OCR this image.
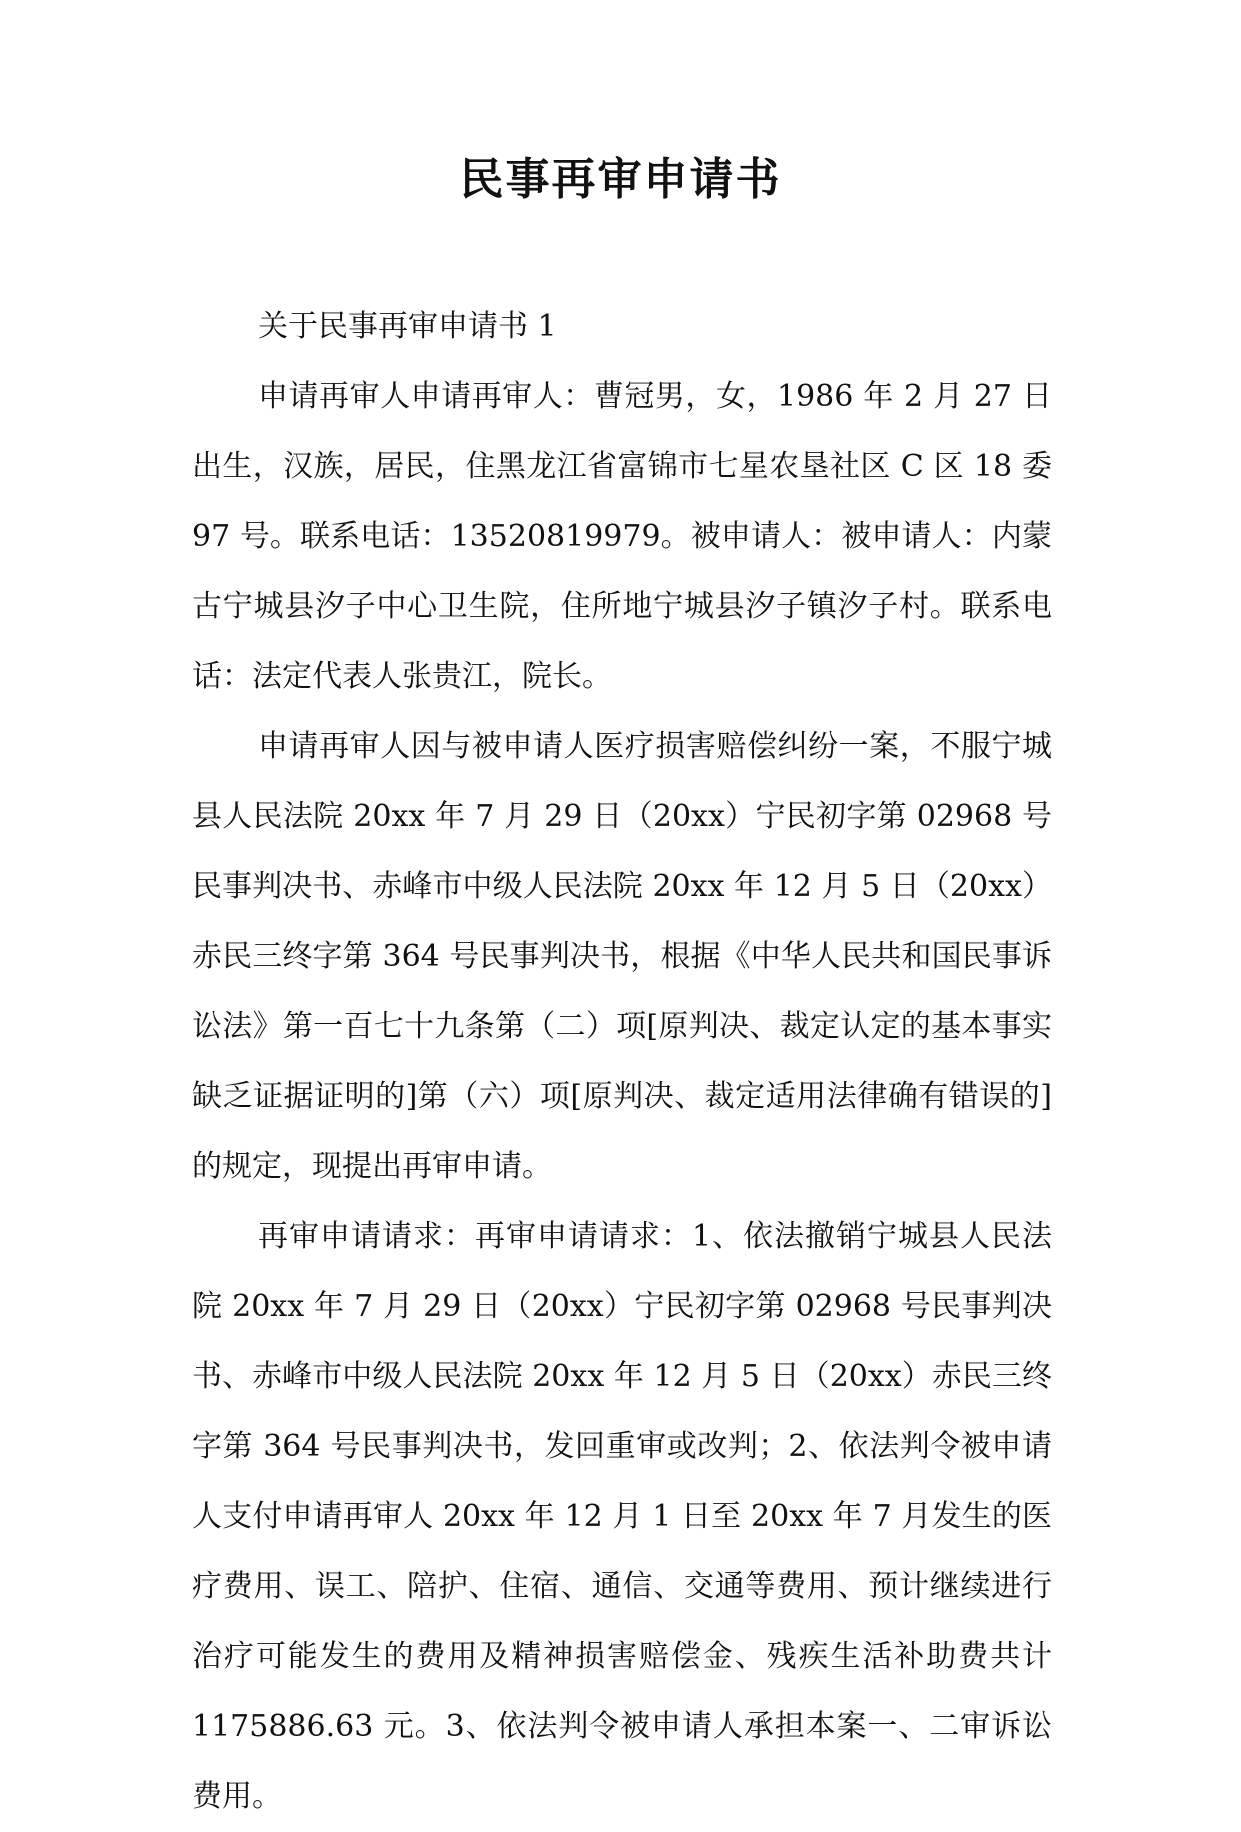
民事再审申请书

关于民事再审申请书 1

申请再审人申请再审人：曹冠男，女，1986 年 2 月 27 日出生，汉族，居民，住黑龙江省富锦市七星农垦社区 C 区 18 委 97 号。联系电话：13520819979。被申请人：被申请人：内蒙古宁城县汐子中心卫生院，住所地宁城县汐子镇汐子村。联系电话：法定代表人张贵江，院长。

申请再审人因与被申请人医疗损害赔偿纠纷一案，不服宁城县人民法院 20xx 年 7 月 29 日（20xx）宁民初字第 02968 号民事判决书、赤峰市中级人民法院 20xx 年 12 月 5 日（20xx）赤民三终字第 364 号民事判决书，根据《中华人民共和国民事诉讼法》第一百七十九条第（二）项[原判决、裁定认定的基本事实缺乏证据证明的]第（六）项[原判决、裁定适用法律确有错误的]的规定，现提出再审申请。

再审申请请求：再审申请请求：1、依法撤销宁城县人民法院 20xx 年 7 月 29 日（20xx）宁民初字第 02968 号民事判决书、赤峰市中级人民法院 20xx 年 12 月 5 日（20xx）赤民三终字第 364 号民事判决书，发回重审或改判；2、依法判令被申请人支付申请再审人 20xx 年 12 月 1 日至 20xx 年 7 月发生的医疗费用、误工、陪护、住宿、通信、交通等费用、预计继续进行治疗可能发生的费用及精神损害赔偿金、残疾生活补助费共计 1175886.63 元。3、依法判令被申请人承担本案一、二审诉讼费用。
